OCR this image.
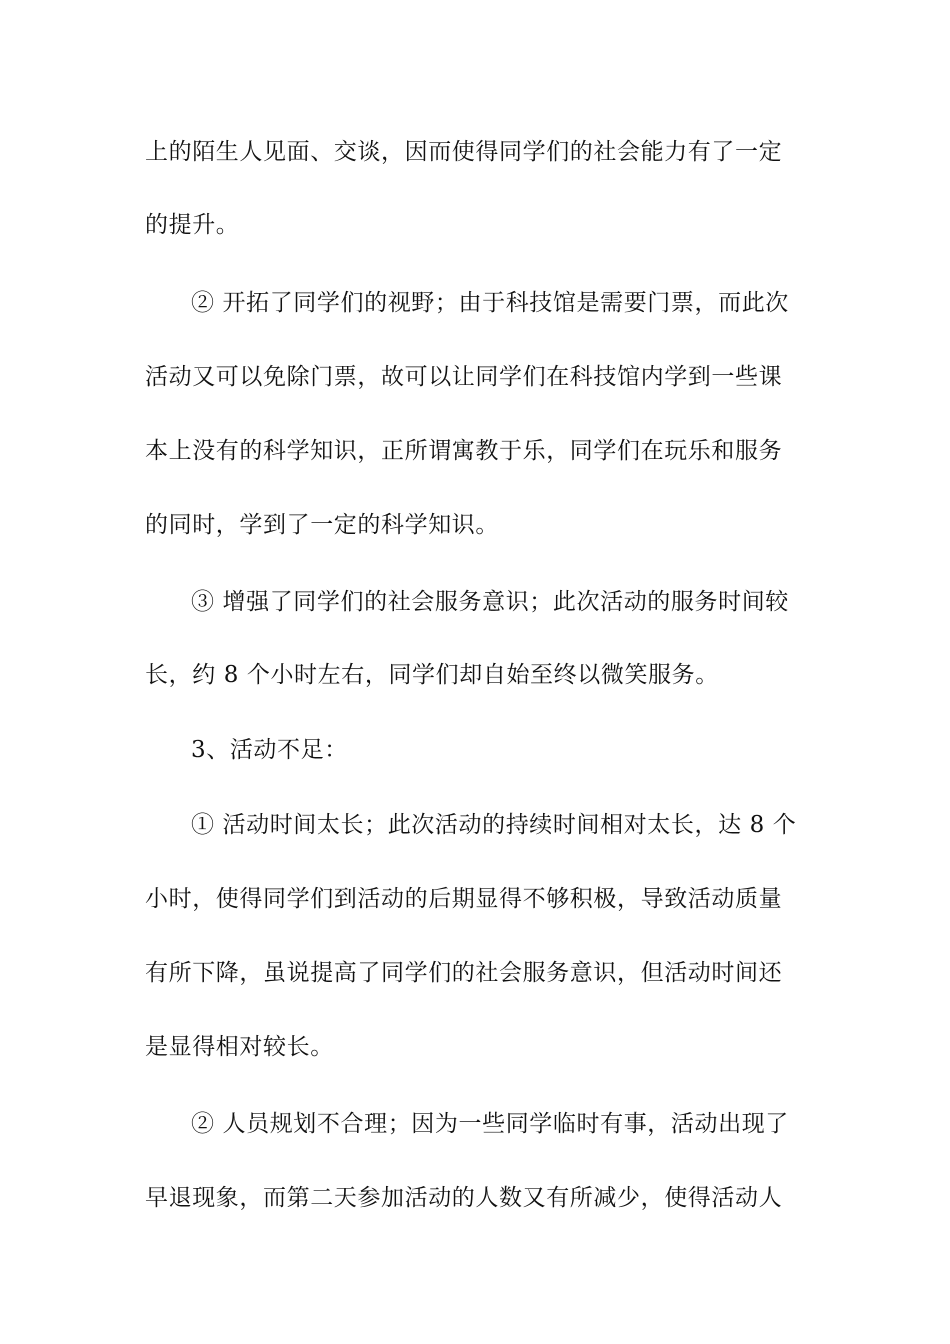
上的陌生人见面、交谈，因而使得同学们的社会能力有了一定
的提升。
② 开拓了同学们的视野；由于科技馆是需要门票，而此次
活动又可以免除门票，故可以让同学们在科技馆内学到一些课
本上没有的科学知识，正所谓寓教于乐，同学们在玩乐和服务
的同时，学到了一定的科学知识。
③ 增强了同学们的社会服务意识；此次活动的服务时间较
长，约 8 个小时左右，同学们却自始至终以微笑服务。
3、活动不足：
① 活动时间太长；此次活动的持续时间相对太长，达 8 个
小时，使得同学们到活动的后期显得不够积极，导致活动质量
有所下降，虽说提高了同学们的社会服务意识，但活动时间还
是显得相对较长。
② 人员规划不合理；因为一些同学临时有事，活动出现了
早退现象，而第二天参加活动的人数又有所减少，使得活动人
